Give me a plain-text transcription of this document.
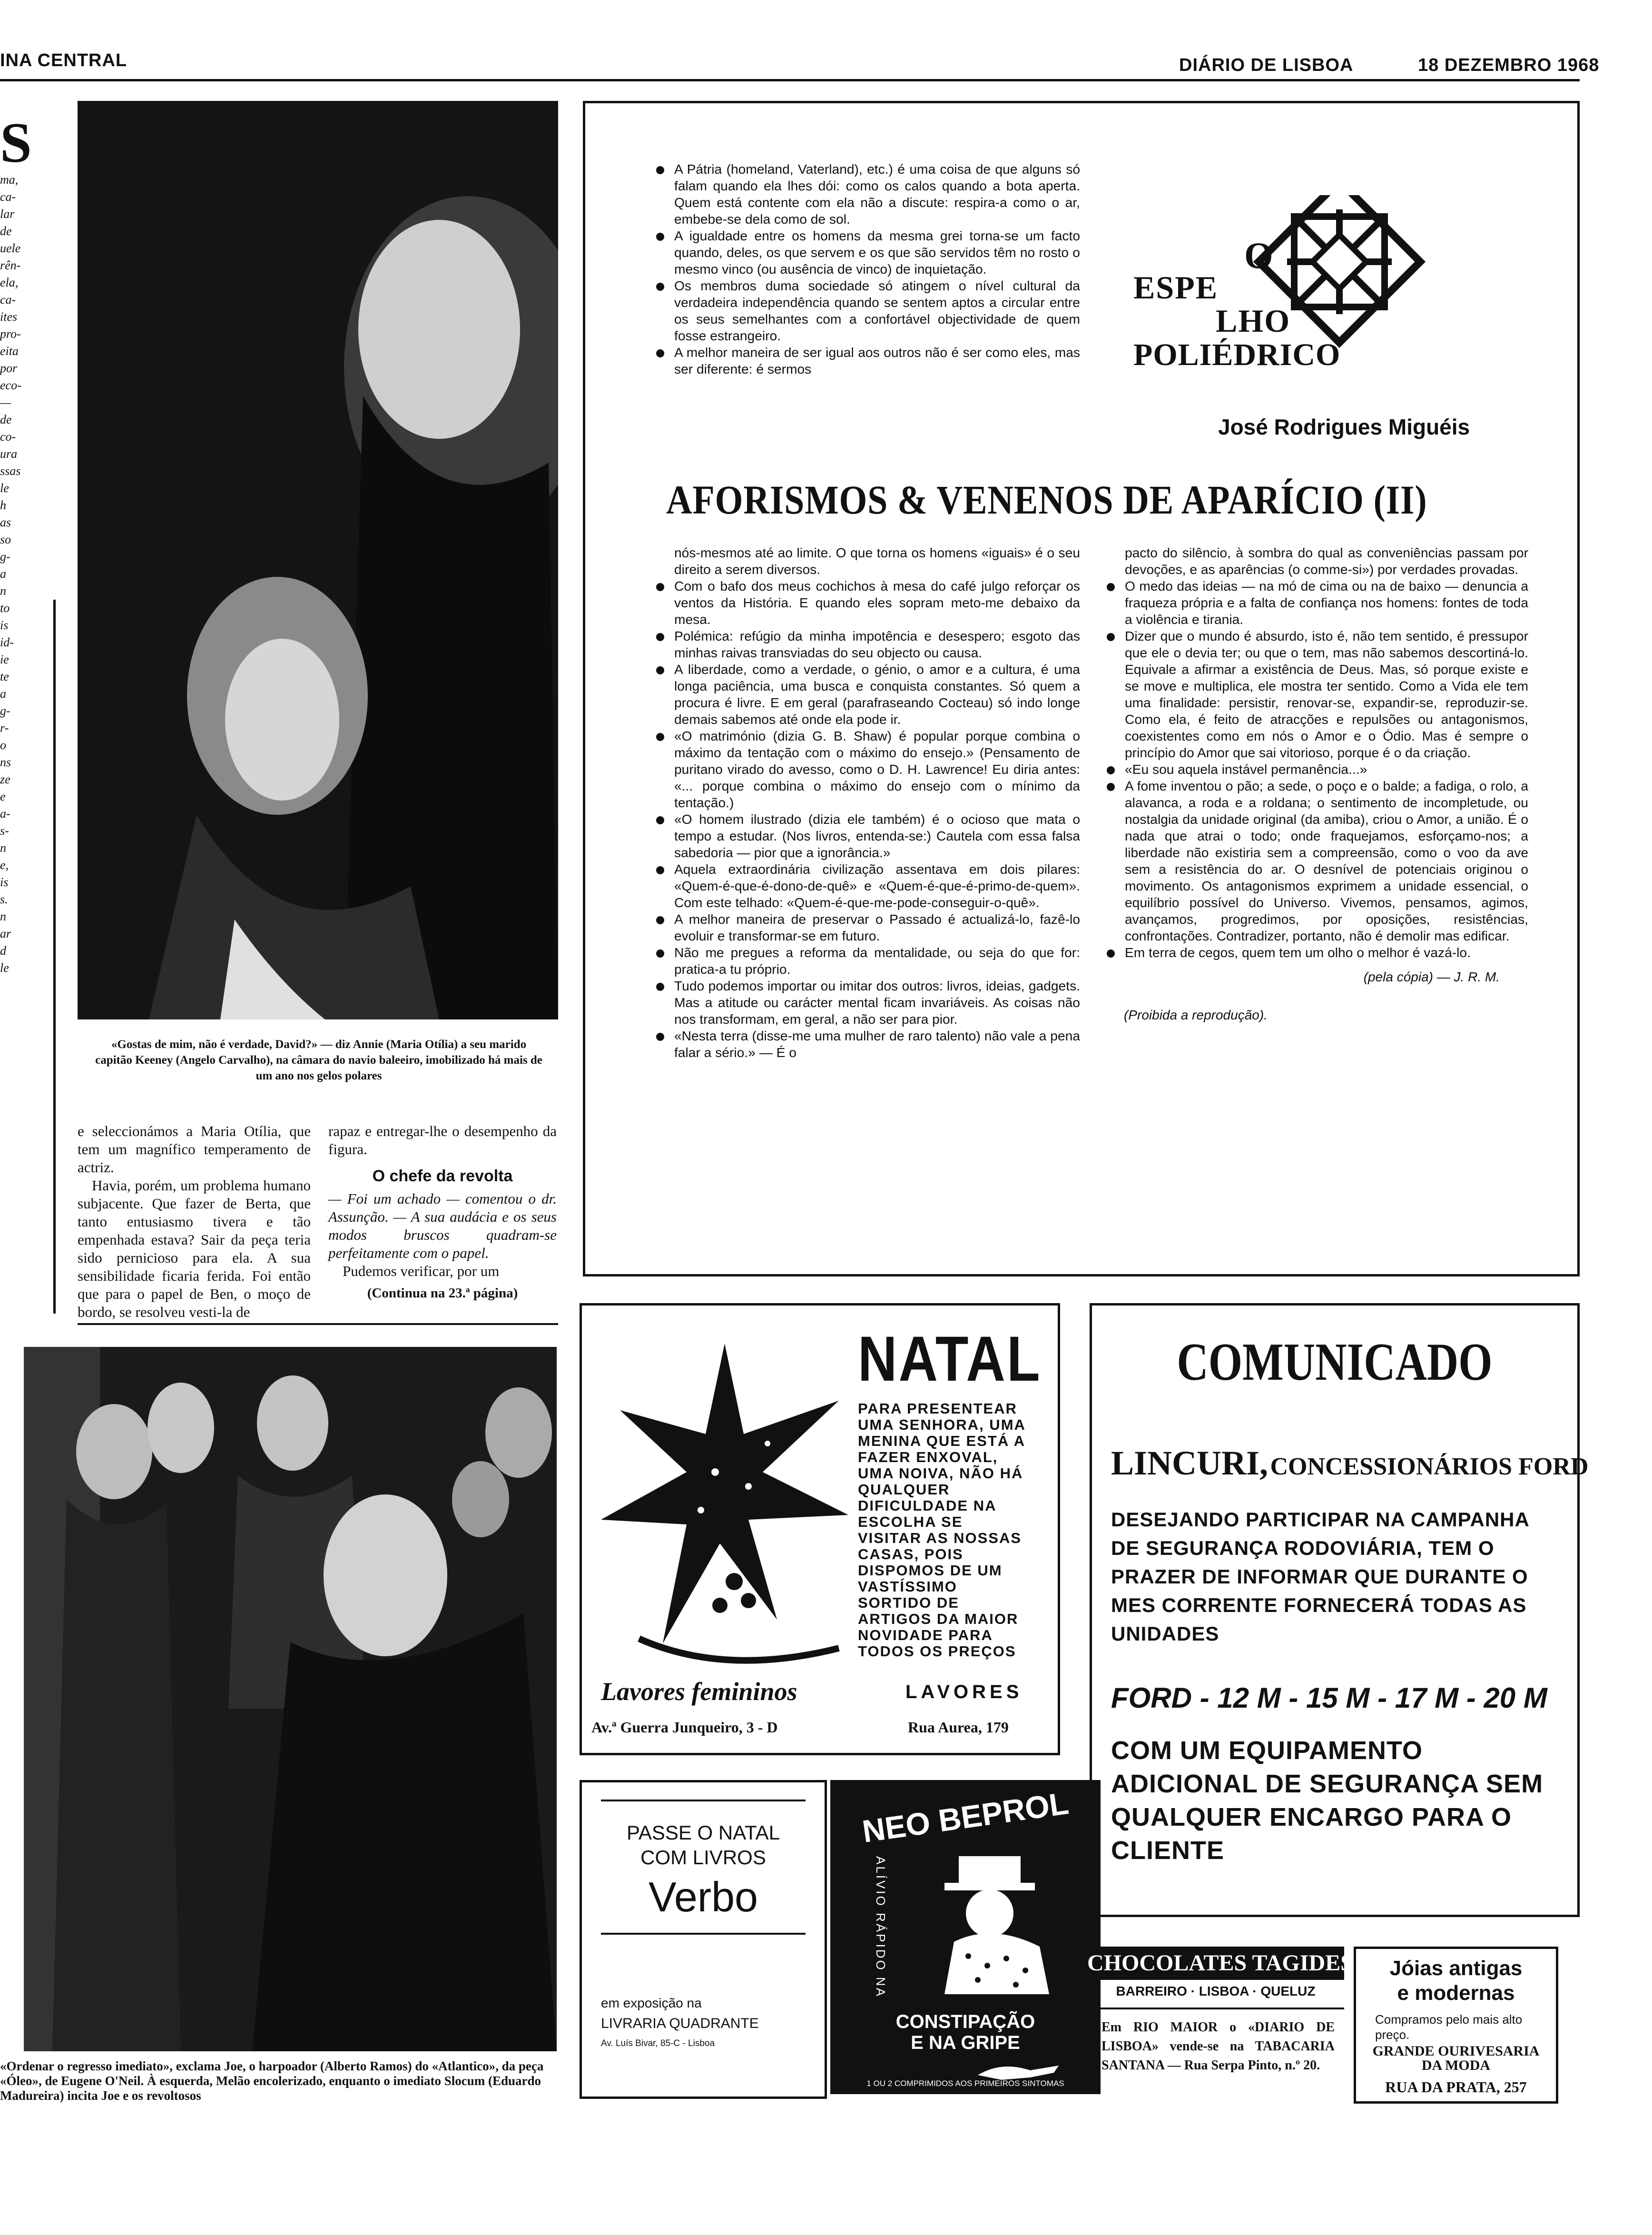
INA CENTRAL	DIÁRIO DE LISBOA	18 DEZEMBRO 1968
S
ma,
ca-
lar
de
uele
rên-
ela,
ca-
ites
pro-
eita
por
eco-
—
de
co-
ura
ssas
le
h
as
so
g-
a
n
to
is
id-
ie
te
a
g-
r-
o
ns
ze
e
a-
s-
n
e,
is
s.
n
ar
d
le
«Gostas de mim, não é verdade, David?» — diz Annie (Maria Otília) a seu marido capitão Keeney (Angelo Carvalho), na câmara do navio baleeiro, imobilizado há mais de um ano nos gelos polares

e seleccionámos a Maria Otília, que tem um magnífico temperamento de actriz.

Havia, porém, um problema humano subjacente. Que fazer de Berta, que tanto entusiasmo tivera e tão empenhada estava? Sair da peça teria sido pernicioso para ela. A sua sensibilidade ficaria ferida. Foi então que para o papel de Ben, o moço de bordo, se resolveu vesti-la de

rapaz e entregar-lhe o desempenho da figura.

O chefe da revolta

— Foi um achado — comentou o dr. Assunção. — A sua audácia e os seus modos bruscos quadram-se perfeitamente com o papel.

Pudemos verificar, por um

(Continua na 23.ª página)

«Ordenar o regresso imediato», exclama Joe, o harpoador (Alberto Ramos) do «Atlantico», da peça «Óleo», de Eugene O'Neil. À esquerda, Melão encolerizado, enquanto o imediato Slocum (Eduardo Madureira) incita Joe e os revoltosos
A Pátria (homeland, Vaterland), etc.) é uma coisa de que alguns só falam quando ela lhes dói: como os calos quando a bota aperta. Quem está contente com ela não a discute: respira-a como o ar, embebe-se dela como de sol.
A igualdade entre os homens da mesma grei torna-se um facto quando, deles, os que servem e os que são servidos têm no rosto o mesmo vinco (ou ausência de vinco) de inquietação.
Os membros duma sociedade só atingem o nível cultural da verdadeira independência quando se sentem aptos a circular entre os seus semelhantes com a confortável objectividade de quem fosse estrangeiro.
A melhor maneira de ser igual aos outros não é ser como eles, mas ser diferente: é sermos
O
ESPE
LHO
POLIÉDRICO
José Rodrigues Miguéis
AFORISMOS & VENENOS DE APARÍCIO (II)

nós-mesmos até ao limite. O que torna os homens «iguais» é o seu direito a serem diversos.

Com o bafo dos meus cochichos à mesa do café julgo reforçar os ventos da História. E quando eles sopram meto-me debaixo da mesa.
Polémica: refúgio da minha impotência e desespero; esgoto das minhas raivas transviadas do seu objecto ou causa.
A liberdade, como a verdade, o génio, o amor e a cultura, é uma longa paciência, uma busca e conquista constantes. Só quem a procura é livre. E em geral (parafraseando Cocteau) só indo longe demais sabemos até onde ela pode ir.
«O matrimónio (dizia G. B. Shaw) é popular porque combina o máximo da tentação com o máximo do ensejo.» (Pensamento de puritano virado do avesso, como o D. H. Lawrence! Eu diria antes: «... porque combina o máximo do ensejo com o mínimo da tentação.)
«O homem ilustrado (dizia ele também) é o ocioso que mata o tempo a estudar. (Nos livros, entenda-se:) Cautela com essa falsa sabedoria — pior que a ignorância.»
Aquela extraordinária civilização assentava em dois pilares: «Quem-é-que-é-dono-de-quê» e «Quem-é-que-é-primo-de-quem». Com este telhado: «Quem-é-que-me-pode-conseguir-o-quê».
A melhor maneira de preservar o Passado é actualizá-lo, fazê-lo evoluir e transformar-se em futuro.
Não me pregues a reforma da mentalidade, ou seja do que for: pratica-a tu próprio.
Tudo podemos importar ou imitar dos outros: livros, ideias, gadgets. Mas a atitude ou carácter mental ficam invariáveis. As coisas não nos transformam, em geral, a não ser para pior.
«Nesta terra (disse-me uma mulher de raro talento) não vale a pena falar a sério.» — É o

pacto do silêncio, à sombra do qual as conveniências passam por devoções, e as aparências (o comme-si») por verdades provadas.

O medo das ideias — na mó de cima ou na de baixo — denuncia a fraqueza própria e a falta de confiança nos homens: fontes de toda a violência e tirania.
Dizer que o mundo é absurdo, isto é, não tem sentido, é pressupor que ele o devia ter; ou que o tem, mas não sabemos descortiná-lo. Equivale a afirmar a existência de Deus. Mas, só porque existe e se move e multiplica, ele mostra ter sentido. Como a Vida ele tem uma finalidade: persistir, renovar-se, expandir-se, reproduzir-se. Como ela, é feito de atracções e repulsões ou antagonismos, coexistentes como em nós o Amor e o Ódio. Mas é sempre o princípio do Amor que sai vitorioso, porque é o da criação.
«Eu sou aquela instável permanência...»
A fome inventou o pão; a sede, o poço e o balde; a fadiga, o rolo, a alavanca, a roda e a roldana; o sentimento de incompletude, ou nostalgia da unidade original (da amiba), criou o Amor, a união. É o nada que atrai o todo; onde fraquejamos, esforçamo-nos; a liberdade não existiria sem a compreensão, como o voo da ave sem a resistência do ar. O desnível de potenciais originou o movimento. Os antagonismos exprimem a unidade essencial, o equilíbrio possível do Universo. Vivemos, pensamos, agimos, avançamos, progredimos, por oposições, resistências, confrontações. Contradizer, portanto, não é demolir mas edificar.
Em terra de cegos, quem tem um olho o melhor é vazá-lo.
(pela cópia) — J. R. M.
(Proibida a reprodução).
NATAL
PARA PRESENTEAR UMA SENHORA, UMA MENINA QUE ESTÁ A FAZER ENXOVAL, UMA NOIVA, NÃO HÁ QUALQUER DIFICULDADE NA ESCOLHA SE VISITAR AS NOSSAS CASAS, POIS DISPOMOS DE UM VASTÍSSIMO SORTIDO DE ARTIGOS DA MAIOR NOVIDADE PARA TODOS OS PREÇOS
Lavores femininos	LAVORES
Av.ª Guerra Junqueiro, 3 - D	Rua Aurea, 179
COMUNICADO
LINCURI, CONCESSIONÁRIOS FORD
DESEJANDO PARTICIPAR NA CAMPANHA DE SEGURANÇA RODOVIÁRIA, TEM O PRAZER DE INFORMAR QUE DURANTE O MES CORRENTE FORNECERÁ TODAS AS UNIDADES
FORD - 12 M - 15 M - 17 M - 20 M
COM UM EQUIPAMENTO ADICIONAL DE SEGURANÇA SEM QUALQUER ENCARGO PARA O CLIENTE
PASSE O NATAL
COM LIVROS
Verbo
em exposição na
LIVRARIA QUADRANTE
Av. Luís Bivar, 85-C - Lisboa
NEO BEPROL
ALÍVIO RÁPIDO NA
CONSTIPAÇÃO
E NA GRIPE
1 OU 2 COMPRIMIDOS AOS PRIMEIROS SINTOMAS
CHOCOLATES TAGIDES
BARREIRO · LISBOA · QUELUZ
Em RIO MAIOR o «DIARIO DE LISBOA» vende-se na TABACARIA SANTANA — Rua Serpa Pinto, n.º 20.
Jóias antigas
e modernas
Compramos pelo mais alto preço.
GRANDE OURIVESARIA DA MODA
RUA DA PRATA, 257
